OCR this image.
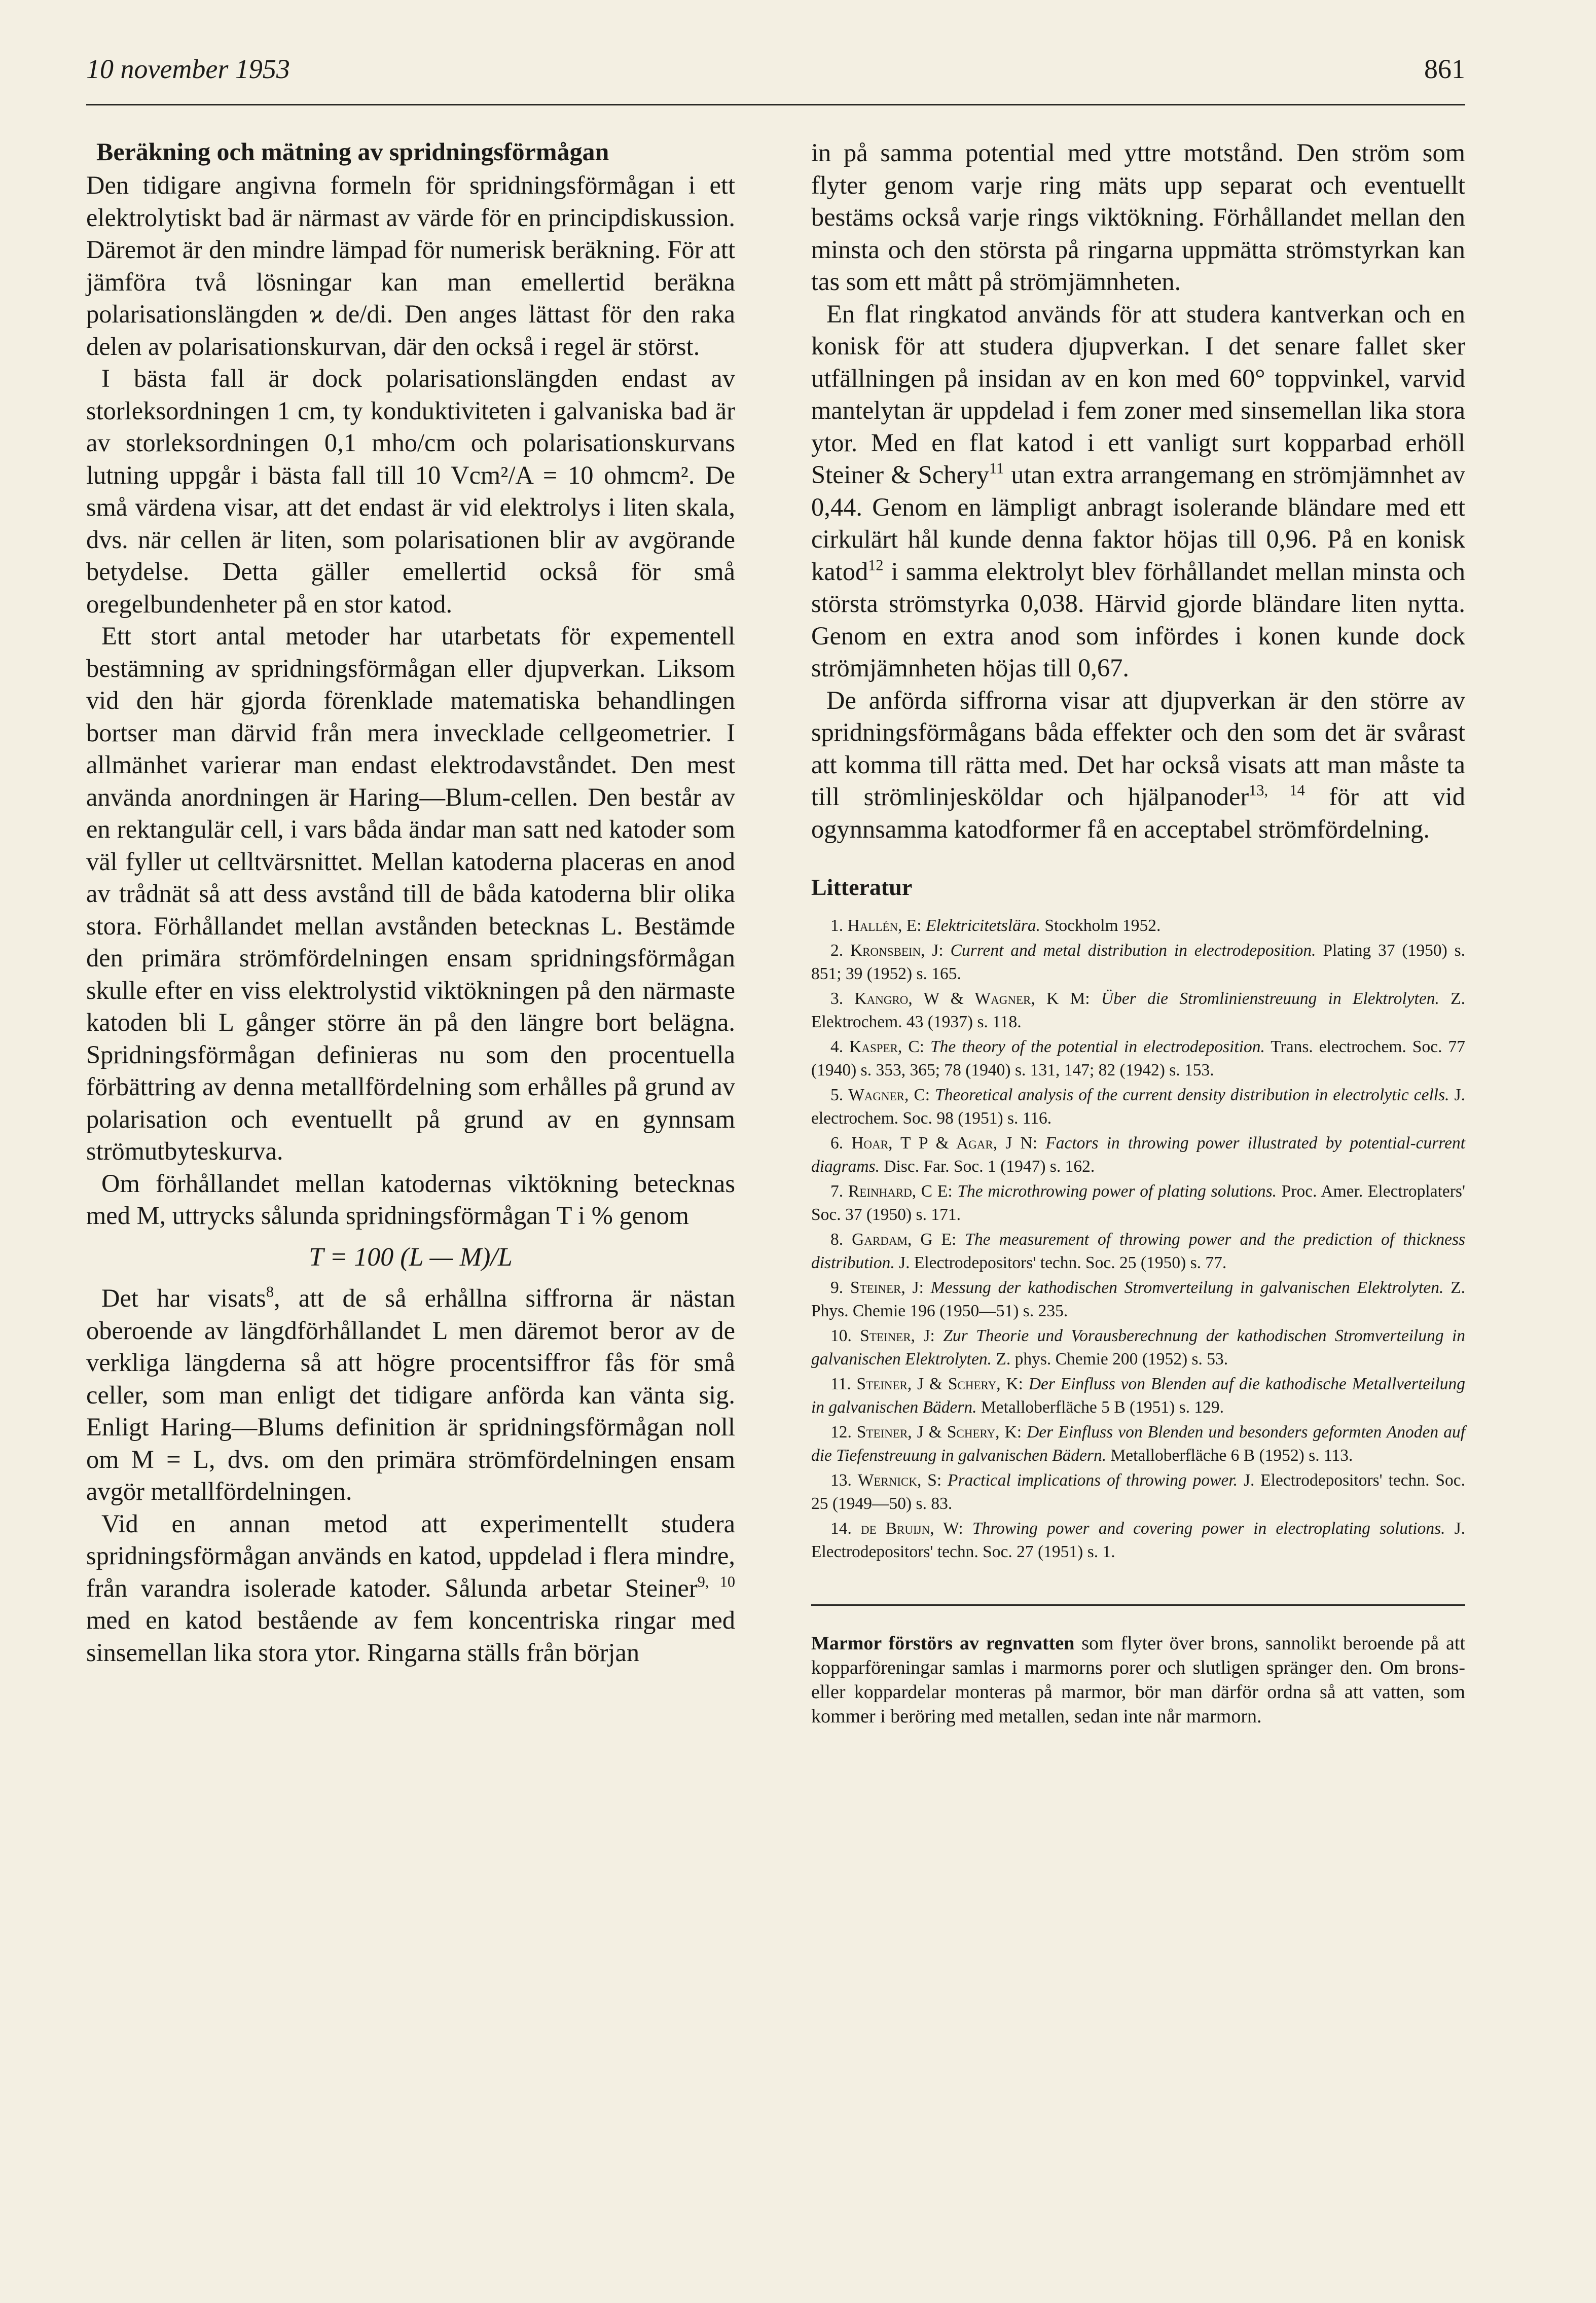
10 november 1953	861
Beräkning och mätning av spridningsförmågan

Den tidigare angivna formeln för spridningsförmågan i ett elektrolytiskt bad är närmast av värde för en principdiskussion. Däremot är den mindre lämpad för numerisk beräkning. För att jämföra två lösningar kan man emellertid beräkna polarisationslängden ϰ de/di. Den anges lättast för den raka delen av polarisationskurvan, där den också i regel är störst.

I bästa fall är dock polarisationslängden endast av storleksordningen 1 cm, ty konduktiviteten i galvaniska bad är av storleksordningen 0,1 mho/cm och polarisationskurvans lutning uppgår i bästa fall till 10 Vcm²/A = 10 ohmcm². De små värdena visar, att det endast är vid elektrolys i liten skala, dvs. när cellen är liten, som polarisationen blir av avgörande betydelse. Detta gäller emellertid också för små oregelbundenheter på en stor katod.

Ett stort antal metoder har utarbetats för expementell bestämning av spridningsförmågan eller djupverkan. Liksom vid den här gjorda förenklade matematiska behandlingen bortser man därvid från mera invecklade cellgeometrier. I allmänhet varierar man endast elektrodavståndet. Den mest använda anordningen är Haring—Blum-cellen. Den består av en rektangulär cell, i vars båda ändar man satt ned katoder som väl fyller ut celltvärsnittet. Mellan katoderna placeras en anod av trådnät så att dess avstånd till de båda katoderna blir olika stora. Förhållandet mellan avstånden betecknas L. Bestämde den primära strömfördelningen ensam spridningsförmågan skulle efter en viss elektrolystid viktökningen på den närmaste katoden bli L gånger större än på den längre bort belägna. Spridningsförmågan definieras nu som den procentuella förbättring av denna metallfördelning som erhålles på grund av polarisation och eventuellt på grund av en gynnsam strömutbyteskurva.

Om förhållandet mellan katodernas viktökning betecknas med M, uttrycks sålunda spridningsförmågan T i % genom

T = 100 (L — M)/L

Det har visats$^8$, att de så erhållna siffrorna är nästan oberoende av längdförhållandet L men däremot beror av de verkliga längderna så att högre procentsiffror fås för små celler, som man enligt det tidigare anförda kan vänta sig. Enligt Haring—Blums definition är spridningsförmågan noll om M = L, dvs. om den primära strömfördelningen ensam avgör metallfördelningen.

Vid en annan metod att experimentellt studera spridningsförmågan används en katod, uppdelad i flera mindre, från varandra isolerade katoder. Sålunda arbetar Steiner$^{9, 10}$ med en katod bestående av fem koncentriska ringar med sinsemellan lika stora ytor. Ringarna ställs från början

in på samma potential med yttre motstånd. Den ström som flyter genom varje ring mäts upp separat och eventuellt bestäms också varje rings viktökning. Förhållandet mellan den minsta och den största på ringarna uppmätta strömstyrkan kan tas som ett mått på strömjämnheten.

En flat ringkatod används för att studera kantverkan och en konisk för att studera djupverkan. I det senare fallet sker utfällningen på insidan av en kon med 60° toppvinkel, varvid mantelytan är uppdelad i fem zoner med sinsemellan lika stora ytor. Med en flat katod i ett vanligt surt kopparbad erhöll Steiner & Schery$^{11}$ utan extra arrangemang en strömjämnhet av 0,44. Genom en lämpligt anbragt isolerande bländare med ett cirkulärt hål kunde denna faktor höjas till 0,96. På en konisk katod$^{12}$ i samma elektrolyt blev förhållandet mellan minsta och största strömstyrka 0,038. Härvid gjorde bländare liten nytta. Genom en extra anod som infördes i konen kunde dock strömjämnheten höjas till 0,67.

De anförda siffrorna visar att djupverkan är den större av spridningsförmågans båda effekter och den som det är svårast att komma till rätta med. Det har också visats att man måste ta till strömlinjesköldar och hjälpanoder$^{13, 14}$ för att vid ogynnsamma katodformer få en acceptabel strömfördelning.

Litteratur
1. Hallén, E: Elektricitetslära. Stockholm 1952.
2. Kronsbein, J: Current and metal distribution in electrodeposition. Plating 37 (1950) s. 851; 39 (1952) s. 165.
3. Kangro, W & Wagner, K M: Über die Stromlinienstreuung in Elektrolyten. Z. Elektrochem. 43 (1937) s. 118.
4. Kasper, C: The theory of the potential in electrodeposition. Trans. electrochem. Soc. 77 (1940) s. 353, 365; 78 (1940) s. 131, 147; 82 (1942) s. 153.
5. Wagner, C: Theoretical analysis of the current density distribution in electrolytic cells. J. electrochem. Soc. 98 (1951) s. 116.
6. Hoar, T P & Agar, J N: Factors in throwing power illustrated by potential-current diagrams. Disc. Far. Soc. 1 (1947) s. 162.
7. Reinhard, C E: The microthrowing power of plating solutions. Proc. Amer. Electroplaters' Soc. 37 (1950) s. 171.
8. Gardam, G E: The measurement of throwing power and the prediction of thickness distribution. J. Electrodepositors' techn. Soc. 25 (1950) s. 77.
9. Steiner, J: Messung der kathodischen Stromverteilung in galvanischen Elektrolyten. Z. Phys. Chemie 196 (1950—51) s. 235.
10. Steiner, J: Zur Theorie und Vorausberechnung der kathodischen Stromverteilung in galvanischen Elektrolyten. Z. phys. Chemie 200 (1952) s. 53.
11. Steiner, J & Schery, K: Der Einfluss von Blenden auf die kathodische Metallverteilung in galvanischen Bädern. Metalloberfläche 5 B (1951) s. 129.
12. Steiner, J & Schery, K: Der Einfluss von Blenden und besonders geformten Anoden auf die Tiefenstreuung in galvanischen Bädern. Metalloberfläche 6 B (1952) s. 113.
13. Wernick, S: Practical implications of throwing power. J. Electrodepositors' techn. Soc. 25 (1949—50) s. 83.
14. de Bruijn, W: Throwing power and covering power in electroplating solutions. J. Electrodepositors' techn. Soc. 27 (1951) s. 1.

Marmor förstörs av regnvatten som flyter över brons, sannolikt beroende på att kopparföreningar samlas i marmorns porer och slutligen spränger den. Om brons- eller koppardelar monteras på marmor, bör man därför ordna så att vatten, som kommer i beröring med metallen, sedan inte når marmorn.
